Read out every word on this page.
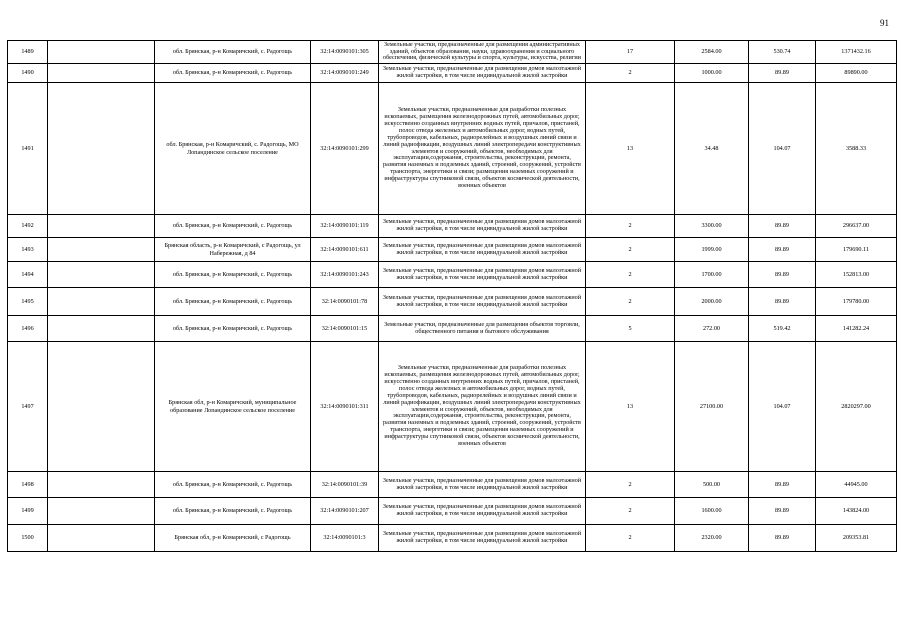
91
1489		обл. Брянская, р-н Комаричский, с. Радогощь	32:14:0090101:305	Земельные участки, предназначенные для размещения административных зданий, объектов образования, науки, здравоохранения и социального обеспечения, физической культуры и спорта, культуры, искусства, религии	17	2584.00	530.74	1371432.16
1490		обл. Брянская, р-н Комаричский, с. Радогощь	32:14:0090101:249	Земельные участки, предназначенные для размещения домов малоэтажной жилой застройки, в том числе индивидуальной жилой застройки	2	1000.00	89.89	89890.00
1491		обл. Брянская, р-н Комаричский, с. Радогощь, МО Лопандинское сельское поселение	32:14:0090101:299	Земельные участки, предназначенные для разработки полезных ископаемых, размещения железнодорожных путей, автомобильных дорог, искусственно созданных внутренних водных путей, причалов, пристаней, полос отвода железных и автомобильных дорог, водных путей, трубопроводов, кабельных, радиорелейных и воздушных линий связи и линий радиофикации, воздушных линий электропередачи конструктивных элементов и сооружений, объектов, необходимых для эксплуатации,содержания, строительства, реконструкции, ремонта, развития наземных и подземных зданий, строений, сооружений, устройств транспорта, энергетики и связи; размещения наземных сооружений и инфраструктуры спутниковой связи, объектов космической деятельности, военных объектов	13	34.48	104.07	3588.33
1492		обл. Брянская, р-н Комаричский, с. Радогощь	32:14:0090101:119	Земельные участки, предназначенные для размещения домов малоэтажной жилой застройки, в том числе индивидуальной жилой застройки	2	3300.00	89.89	296637.00
1493		Брянская область, р-н Комаричский, с Радогощь, ул Набережная, д 84	32:14:0090101:611	Земельные участки, предназначенные для размещения домов малоэтажной жилой застройки, в том числе индивидуальной жилой застройки	2	1999.00	89.89	179690.11
1494		обл. Брянская, р-н Комаричский, с. Радогощь	32:14:0090101:243	Земельные участки, предназначенные для размещения домов малоэтажной жилой застройки, в том числе индивидуальной жилой застройки	2	1700.00	89.89	152813.00
1495		обл. Брянская, р-н Комаричский, с. Радогощь	32:14:0090101:78	Земельные участки, предназначенные для размещения домов малоэтажной жилой застройки, в том числе индивидуальной жилой застройки	2	2000.00	89.89	179780.00
1496		обл. Брянская, р-н Комаричский, с. Радогощь	32:14:0090101:15	Земельные участки, предназначенные для размещения объектов торговли, общественного питания и бытового обслуживания	5	272.00	519.42	141282.24
1497		Брянская обл, р-н Комаричский, муниципальное образование Лопандинское сельское поселение	32:14:0090101:311	Земельные участки, предназначенные для разработки полезных ископаемых, размещения железнодорожных путей, автомобильных дорог, искусственно созданных внутренних водных путей, причалов, пристаней, полос отвода железных и автомобильных дорог, водных путей, трубопроводов, кабельных, радиорелейных и воздушных линий связи и линий радиофикации, воздушных линий электропередачи конструктивных элементов и сооружений, объектов, необходимых для эксплуатации,содержания, строительства, реконструкции, ремонта, развития наземных и подземных зданий, строений, сооружений, устройств транспорта, энергетики и связи; размещения наземных сооружений и инфраструктуры спутниковой связи, объектов космической деятельности, военных объектов	13	27100.00	104.07	2820297.00
1498		обл. Брянская, р-н Комаричский, с. Радогощь	32:14:0090101:39	Земельные участки, предназначенные для размещения домов малоэтажной жилой застройки, в том числе индивидуальной жилой застройки	2	500.00	89.89	44945.00
1499		обл. Брянская, р-н Комаричский, с. Радогощь	32:14:0090101:207	Земельные участки, предназначенные для размещения домов малоэтажной жилой застройки, в том числе индивидуальной жилой застройки	2	1600.00	89.89	143824.00
1500		Брянская обл, р-н Комаричский, с Радогощь	32:14:0090101:3	Земельные участки, предназначенные для размещения домов малоэтажной жилой застройки, в том числе индивидуальной жилой застройки	2	2320.00	89.89	209353.81
